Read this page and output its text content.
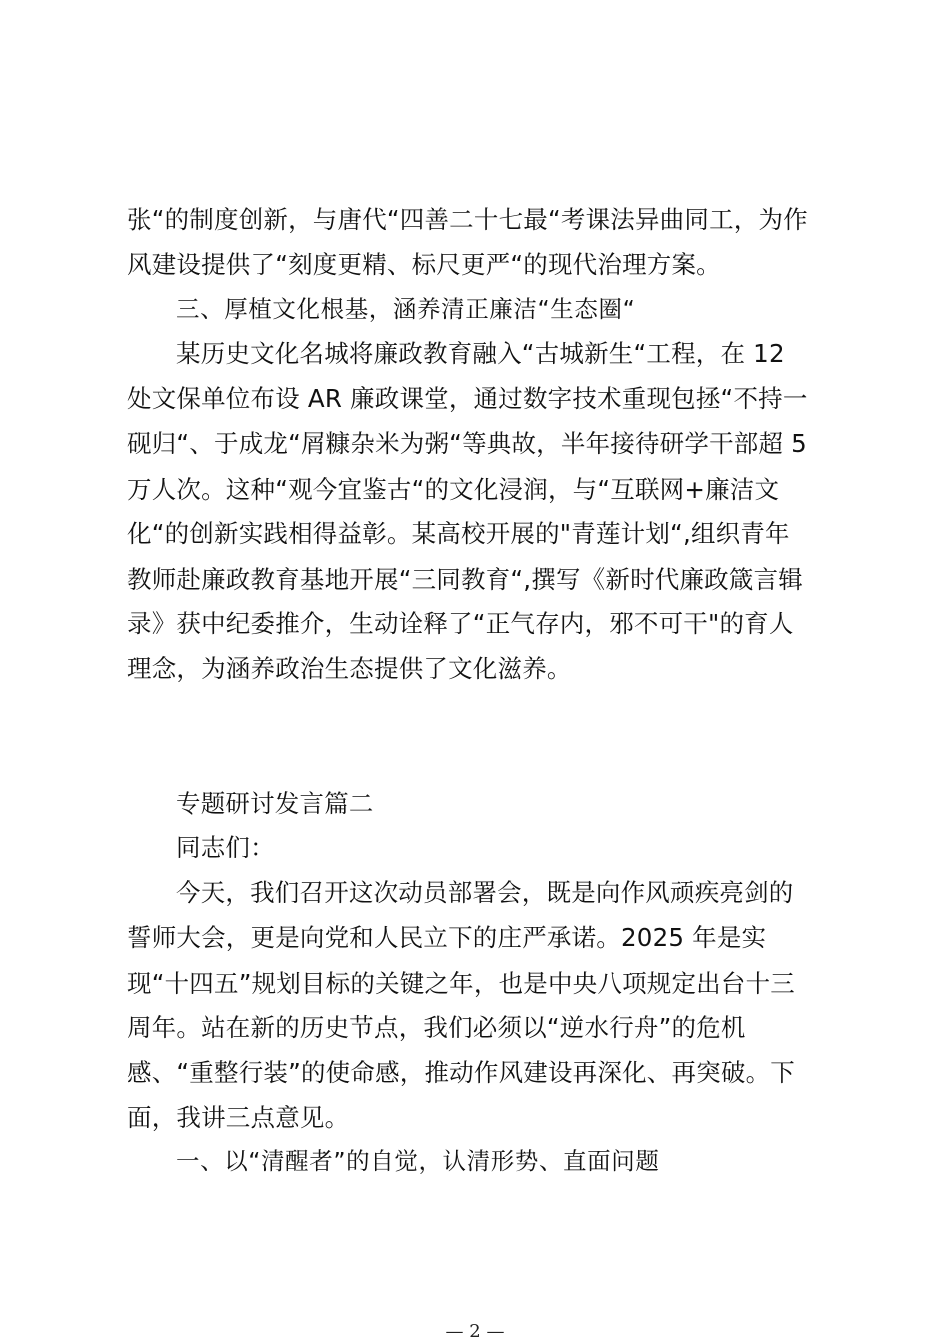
张“的制度创新，与唐代“四善二十七最“考课法异曲同工，为作

风建设提供了“刻度更精、标尺更严“的现代治理方案。

三、厚植文化根基，涵养清正廉洁“生态圈“

某历史文化名城将廉政教育融入“古城新生“工程，在 12

处文保单位布设 AR 廉政课堂，通过数字技术重现包拯“不持一

砚归“、于成龙“屑糠杂米为粥“等典故，半年接待研学干部超 5

万人次。这种“观今宜鉴古“的文化浸润，与“互联网+廉洁文

化“的创新实践相得益彰。某高校开展的"青莲计划“,组织青年

教师赴廉政教育基地开展“三同教育“,撰写《新时代廉政箴言辑

录》获中纪委推介，生动诠释了“正气存内，邪不可干"的育人

理念，为涵养政治生态提供了文化滋养。

专题研讨发言篇二

同志们：

今天，我们召开这次动员部署会，既是向作风顽疾亮剑的

誓师大会，更是向党和人民立下的庄严承诺。2025 年是实

现“十四五”规划目标的关键之年，也是中央八项规定出台十三

周年。站在新的历史节点，我们必须以“逆水行舟”的危机

感、“重整行装”的使命感，推动作风建设再深化、再突破。下

面，我讲三点意见。

一、以“清醒者”的自觉，认清形势、直面问题

— 2 —
